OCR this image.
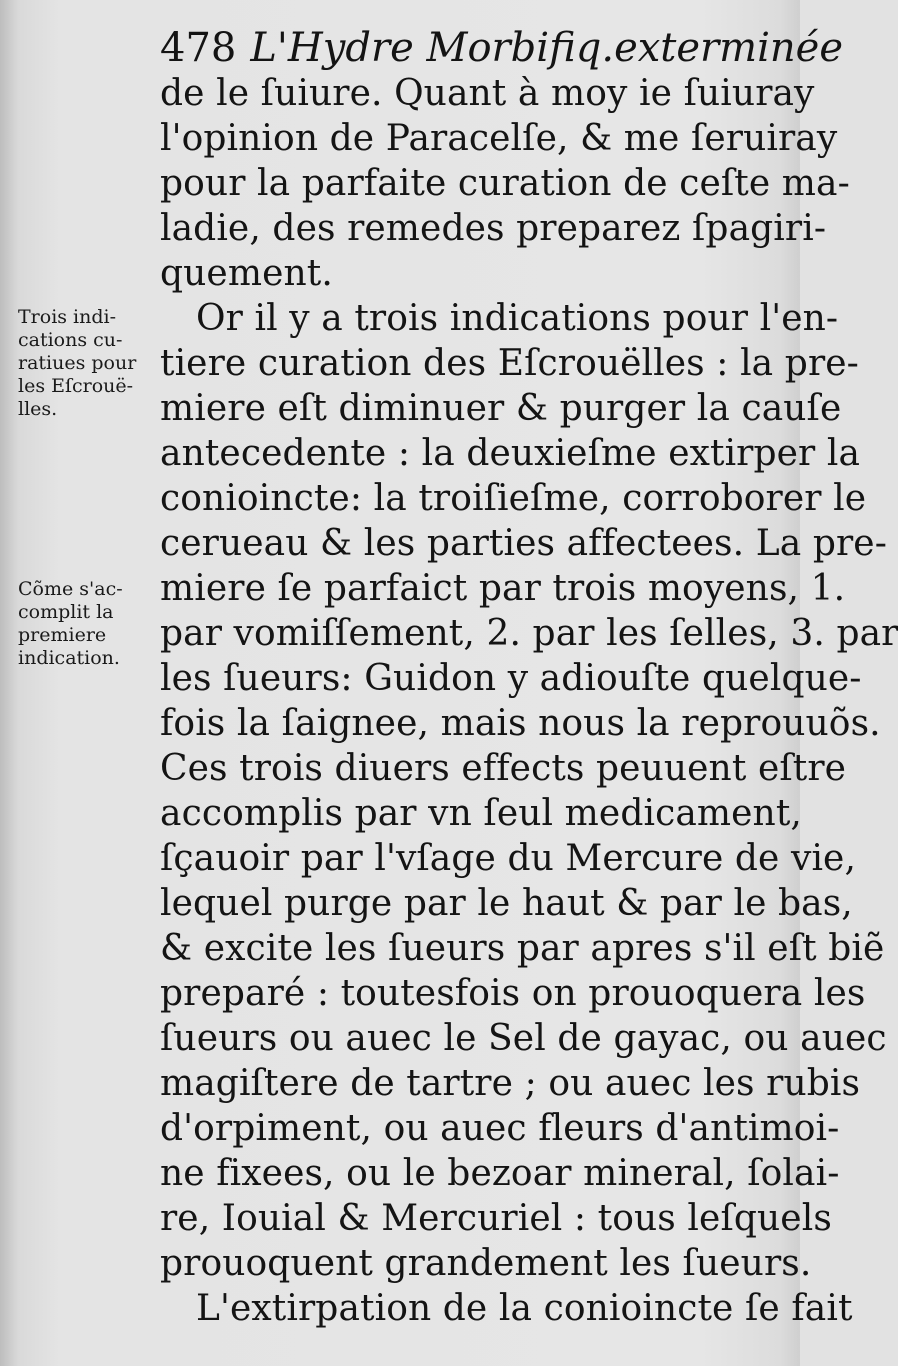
478 L'Hydre Morbifiq.exterminée
de le ſuiure. Quant à moy ie ſuiuray
l'opinion de Paracelſe, & me ſeruiray
pour la parfaite curation de ceſte ma-
ladie, des remedes preparez ſpagiri-
quement.
Or il y a trois indications pour l'en-
tiere curation des Eſcrouëlles : la pre-
miere eſt diminuer & purger la cauſe
antecedente : la deuxieſme extirper la
conioincte: la troiſieſme, corroborer le
cerueau & les parties affectees. La pre-
miere ſe parfaict par trois moyens, 1.
par vomiſſement, 2. par les ſelles, 3. par
les ſueurs: Guidon y adiouſte quelque-
fois la ſaignee, mais nous la reprouuõs.
Ces trois diuers effects peuuent eſtre
accomplis par vn ſeul medicament,
ſçauoir par l'vſage du Mercure de vie,
lequel purge par le haut & par le bas,
& excite les ſueurs par apres s'il eſt biẽ
preparé : toutesfois on prouoquera les
ſueurs ou auec le Sel de gayac, ou auec
magiſtere de tartre ; ou auec les rubis
d'orpiment, ou auec fleurs d'antimoi-
ne fixees, ou le bezoar mineral, ſolai-
re, Iouial & Mercuriel : tous leſquels
prouoquent grandement les ſueurs.
L'extirpation de la conioincte ſe fait
Trois indi-
cations cu-
ratiues pour
les Eſcrouë-
lles.
Cõme s'ac-
complit la
premiere
indication.
